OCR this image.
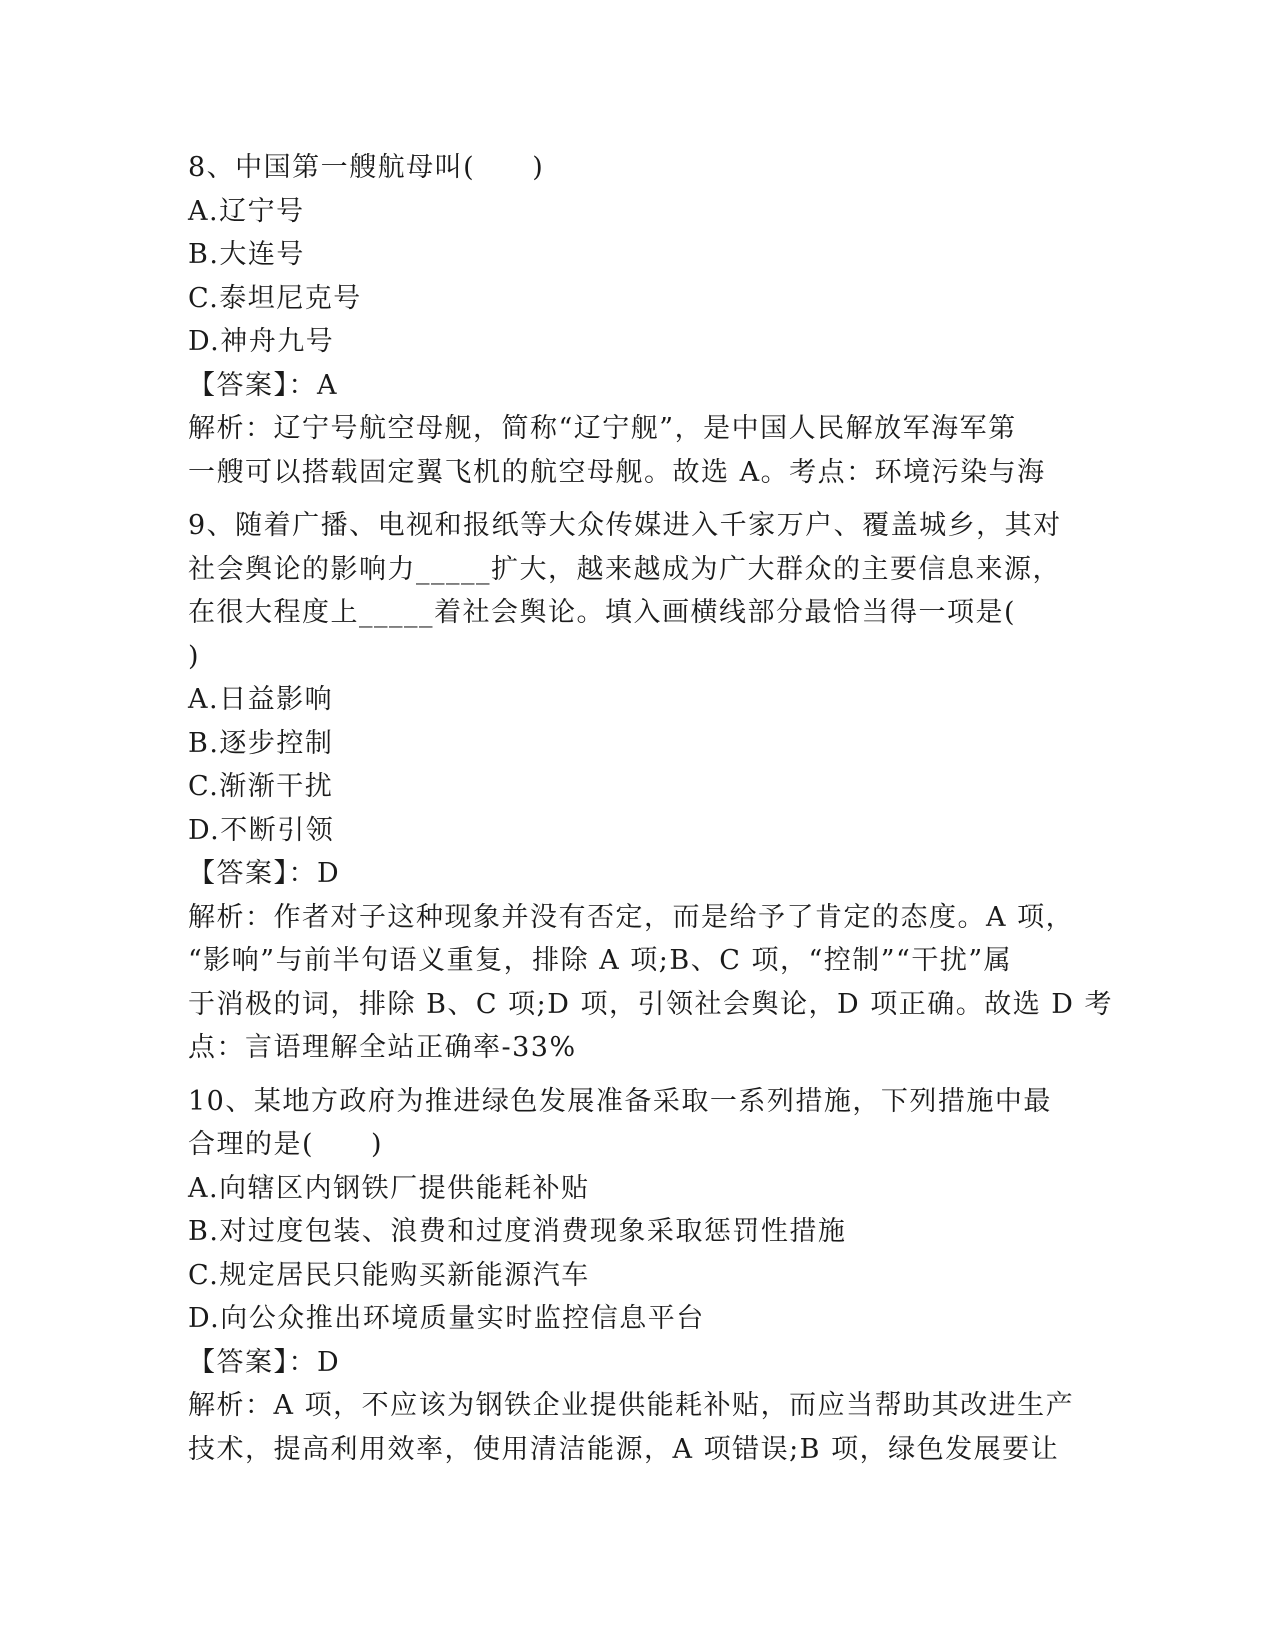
8、中国第一艘航母叫(　　)

A.辽宁号

B.大连号

C.泰坦尼克号

D.神舟九号

【答案】：A

解析：辽宁号航空母舰，简称“辽宁舰”，是中国人民解放军海军第

一艘可以搭载固定翼飞机的航空母舰。故选 A。考点：环境污染与海

9、随着广播、电视和报纸等大众传媒进入千家万户、覆盖城乡，其对

社会舆论的影响力_____扩大，越来越成为广大群众的主要信息来源，

在很大程度上_____着社会舆论。填入画横线部分最恰当得一项是(

)

A.日益影响

B.逐步控制

C.渐渐干扰

D.不断引领

【答案】：D

解析：作者对子这种现象并没有否定，而是给予了肯定的态度。A 项，

“影响”与前半句语义重复，排除 A 项;B、C 项，“控制”“干扰”属

于消极的词，排除 B、C 项;D 项，引领社会舆论，D 项正确。故选 D 考

点：言语理解全站正确率-33%

10、某地方政府为推进绿色发展准备采取一系列措施，下列措施中最

合理的是(　　)

A.向辖区内钢铁厂提供能耗补贴

B.对过度包装、浪费和过度消费现象采取惩罚性措施

C.规定居民只能购买新能源汽车

D.向公众推出环境质量实时监控信息平台

【答案】：D

解析：A 项，不应该为钢铁企业提供能耗补贴，而应当帮助其改进生产

技术，提高利用效率，使用清洁能源，A 项错误;B 项，绿色发展要让
